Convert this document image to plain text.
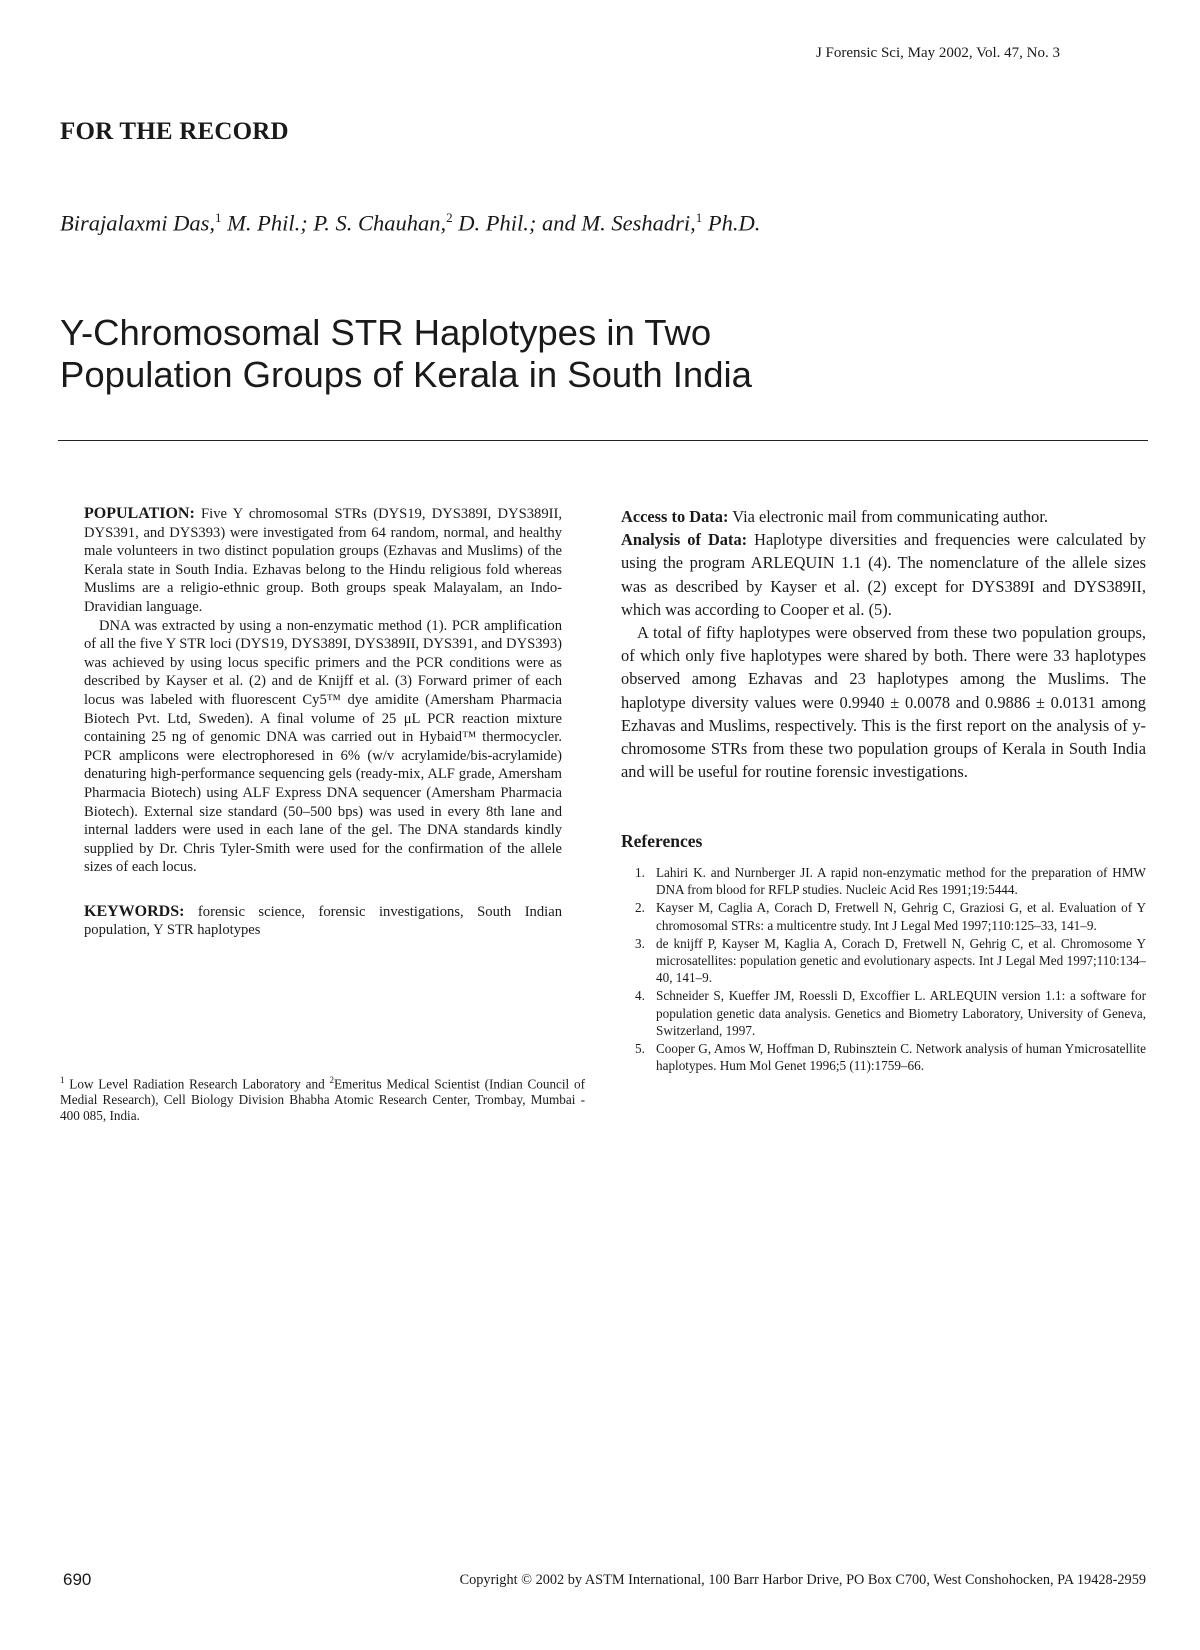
J Forensic Sci, May 2002, Vol. 47, No. 3
FOR THE RECORD
Birajalaxmi Das,$^1$ M. Phil.; P. S. Chauhan,$^2$ D. Phil.; and M. Seshadri,$^1$ Ph.D.
Y-Chromosomal STR Haplotypes in Two
Population Groups of Kerala in South India

POPULATION: Five Y chromosomal STRs (DYS19, DYS389I, DYS389II, DYS391, and DYS393) were investigated from 64 random, normal, and healthy male volunteers in two distinct population groups (Ezhavas and Muslims) of the Kerala state in South India. Ezhavas belong to the Hindu religious fold whereas Muslims are a religio-ethnic group. Both groups speak Malayalam, an Indo-Dravidian language.

DNA was extracted by using a non-enzymatic method (1). PCR amplification of all the five Y STR loci (DYS19, DYS389I, DYS389II, DYS391, and DYS393) was achieved by using locus specific primers and the PCR conditions were as described by Kayser et al. (2) and de Knijff et al. (3) Forward primer of each locus was labeled with fluorescent Cy5™ dye amidite (Amersham Pharmacia Biotech Pvt. Ltd, Sweden). A final volume of 25 μL PCR reaction mixture containing 25 ng of genomic DNA was carried out in Hybaid™ thermocycler. PCR amplicons were electrophoresed in 6% (w/v acrylamide/bis-acrylamide) denaturing high-performance sequencing gels (ready-mix, ALF grade, Amersham Pharmacia Biotech) using ALF Express DNA sequencer (Amersham Pharmacia Biotech). External size standard (50–500 bps) was used in every 8th lane and internal ladders were used in each lane of the gel. The DNA standards kindly supplied by Dr. Chris Tyler-Smith were used for the confirmation of the allele sizes of each locus.

KEYWORDS: forensic science, forensic investigations, South Indian population, Y STR haplotypes

$^1$ Low Level Radiation Research Laboratory and $^2$Emeritus Medical Scientist (Indian Council of Medial Research), Cell Biology Division Bhabha Atomic Research Center, Trombay, Mumbai - 400 085, India.

Access to Data: Via electronic mail from communicating author.

Analysis of Data: Haplotype diversities and frequencies were calculated by using the program ARLEQUIN 1.1 (4). The nomenclature of the allele sizes was as described by Kayser et al. (2) except for DYS389I and DYS389II, which was according to Cooper et al. (5).

A total of fifty haplotypes were observed from these two population groups, of which only five haplotypes were shared by both. There were 33 haplotypes observed among Ezhavas and 23 haplotypes among the Muslims. The haplotype diversity values were 0.9940 ± 0.0078 and 0.9886 ± 0.0131 among Ezhavas and Muslims, respectively. This is the first report on the analysis of y-chromosome STRs from these two population groups of Kerala in South India and will be useful for routine forensic investigations.

References
1. Lahiri K. and Nurnberger JI. A rapid non-enzymatic method for the preparation of HMW DNA from blood for RFLP studies. Nucleic Acid Res 1991;19:5444.
2. Kayser M, Caglia A, Corach D, Fretwell N, Gehrig C, Graziosi G, et al. Evaluation of Y chromosomal STRs: a multicentre study. Int J Legal Med 1997;110:125–33, 141–9.
3. de knijff P, Kayser M, Kaglia A, Corach D, Fretwell N, Gehrig C, et al. Chromosome Y microsatellites: population genetic and evolutionary aspects. Int J Legal Med 1997;110:134–40, 141–9.
4. Schneider S, Kueffer JM, Roessli D, Excoffier L. ARLEQUIN version 1.1: a software for population genetic data analysis. Genetics and Biometry Laboratory, University of Geneva, Switzerland, 1997.
5. Cooper G, Amos W, Hoffman D, Rubinsztein C. Network analysis of human Ymicrosatellite haplotypes. Hum Mol Genet 1996;5 (11):1759–66.
690	Copyright © 2002 by ASTM International, 100 Barr Harbor Drive, PO Box C700, West Conshohocken, PA 19428-2959
